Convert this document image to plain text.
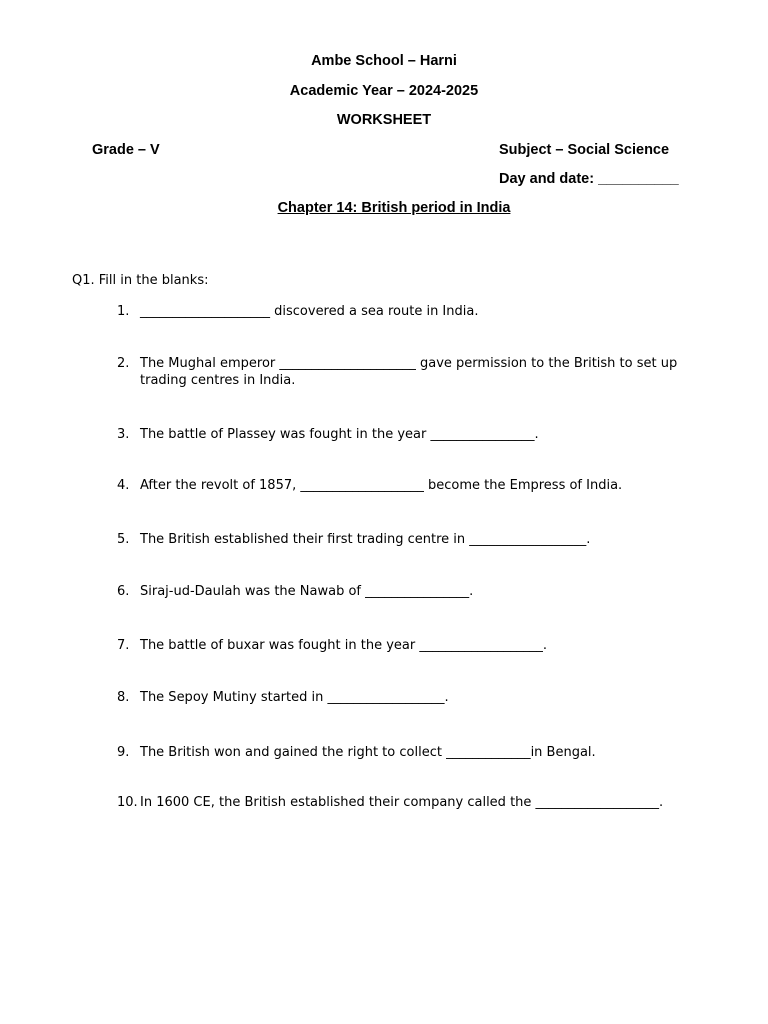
Ambe School – Harni
Academic Year – 2024-2025
WORKSHEET
Grade – V	Subject – Social Science
Day and date: __________
Chapter 14: British period in India
Q1. Fill in the blanks:
1. ____________________ discovered a sea route in India.
2. The Mughal emperor _____________________ gave permission to the British to set up trading centres in India.
3. The battle of Plassey was fought in the year ________________.
4. After the revolt of 1857, ___________________ become the Empress of India.
5. The British established their first trading centre in __________________.
6. Siraj-ud-Daulah was the Nawab of ________________.
7. The battle of buxar was fought in the year ___________________.
8. The Sepoy Mutiny started in __________________.
9. The British won and gained the right to collect _____________in Bengal.
10. In 1600 CE, the British established their company called the ___________________.
